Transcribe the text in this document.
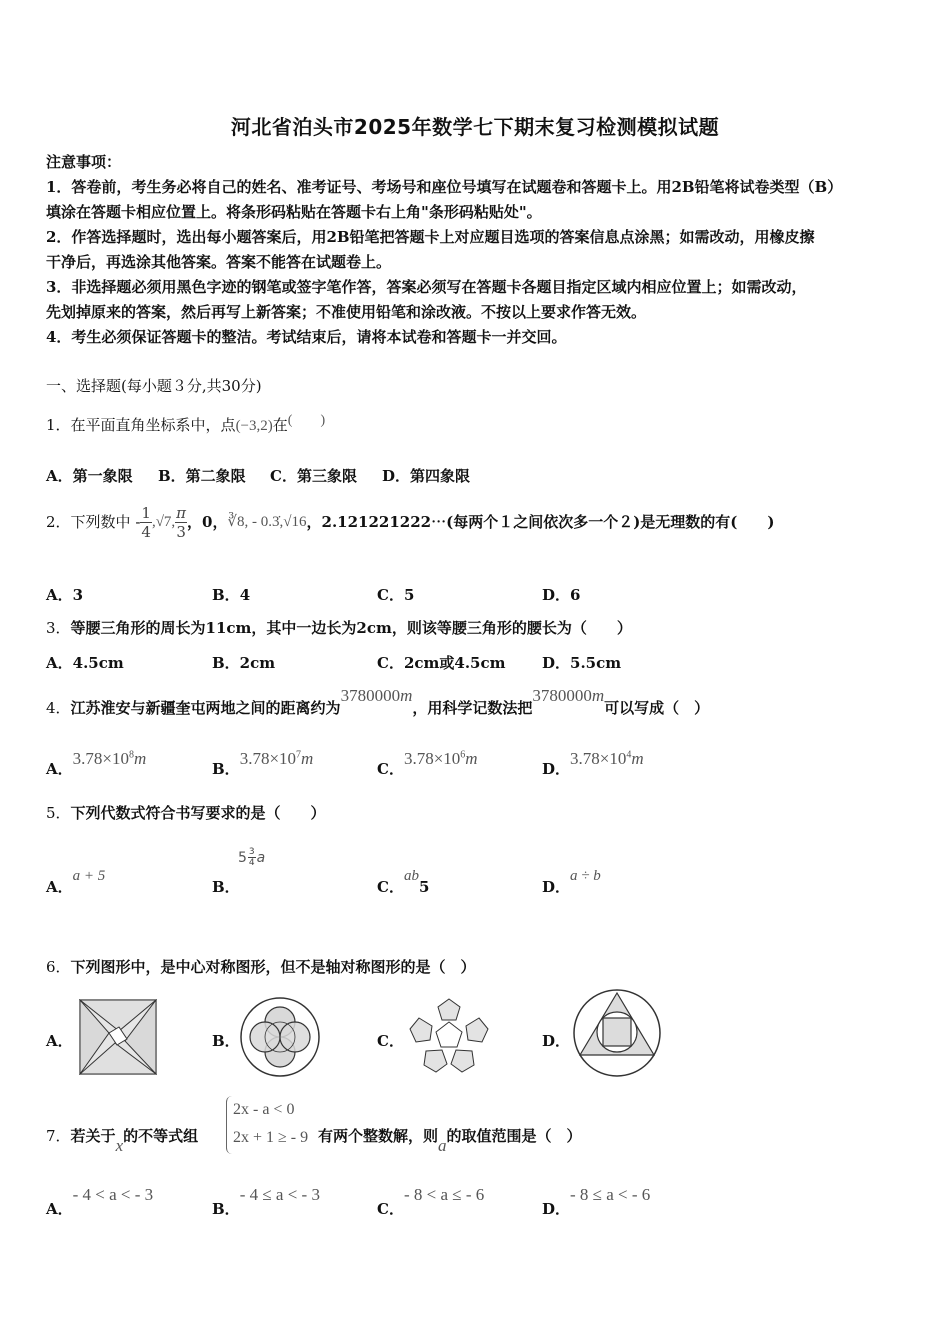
河北省泊头市2025年数学七下期末复习检测模拟试题
注意事项：
1．答卷前，考生务必将自己的姓名、准考证号、考场号和座位号填写在试题卷和答题卡上。用2B铅笔将试卷类型（B）
填涂在答题卡相应位置上。将条形码粘贴在答题卡右上角"条形码粘贴处"。
2．作答选择题时，选出每小题答案后，用2B铅笔把答题卡上对应题目选项的答案信息点涂黑；如需改动，用橡皮擦
干净后，再选涂其他答案。答案不能答在试题卷上。
3．非选择题必须用黑色字迹的钢笔或签字笔作答，答案必须写在答题卡各题目指定区域内相应位置上；如需改动，
先划掉原来的答案，然后再写上新答案；不准使用铅笔和涂改液。不按以上要求作答无效。
4．考生必须保证答题卡的整洁。考试结束后，请将本试卷和答题卡一并交回。
一、选择题(每小题３分,共30分)
1．在平面直角坐标系中，点(−3,2)在(　　)
A．第一象限 B．第二象限 C．第三象限 D．第四象限
2． 下列数中 - $\frac{1}{4} ,√7$, $\frac{\pi}{3}$ ，0， ∛8, - 0.3̇,√16 ，2.121221222⋯(每两个１之间依次多一个２)是无理数的有(　　)
A．3	B．4	C．5	D．6
3．等腰三角形的周长为11cm，其中一边长为2cm，则该等腰三角形的腰长为（　　）
A．4.5cm	B．2cm	C．2cm或4.5cm D．5.5cm
4．江苏淮安与新疆奎屯两地之间的距离约为3780000m，用科学记数法把3780000m可以写成（　）
A．$3.78\times 10^8m$
B．$3.78\times 10^7m$
C．$3.78\times 10^6m$
D．$3.78\times 10^4m$
5．下列代数式符合书写要求的是（　　）
A．a + 5
B．
$5 \frac{3}{4}$ a
C．ab5	D．a ÷ b
6．下列图形中，是中心对称图形，但不是轴对称图形的是（　）
A．	B．	C．	D．
7．若关于x的不等式组
2x - a < 0
2x + 1 ≥ - 9 有两个整数解，则a的取值范围是（　）
A．- 4 < a < - 3
B．- 4 ≤ a < - 3
C．- 8 < a ≤ - 6
D．- 8 ≤ a < - 6
